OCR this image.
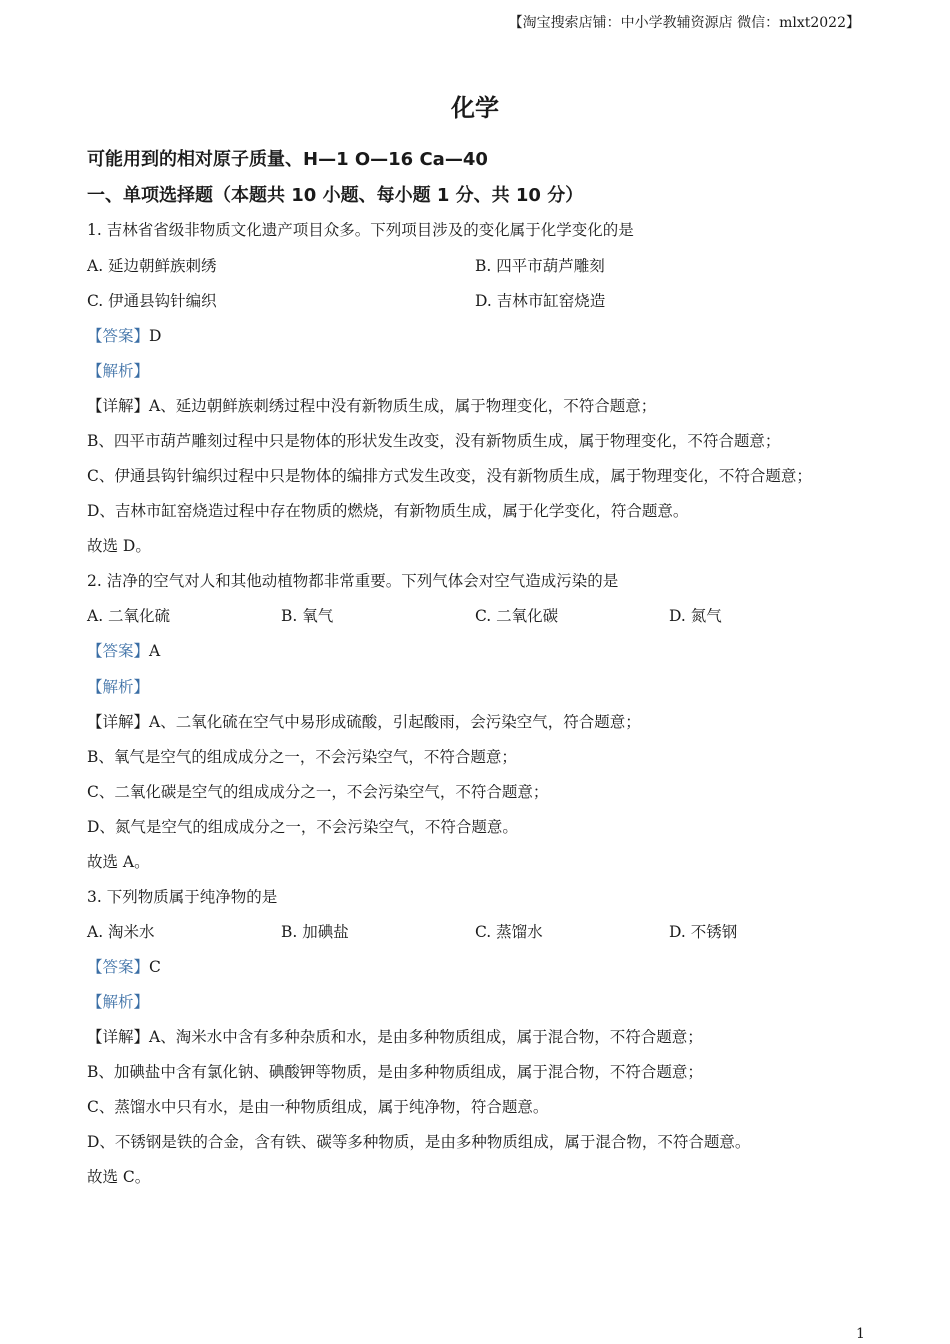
【淘宝搜索店铺：中小学教辅资源店 微信：mlxt2022】
化学
可能用到的相对原子质量、H—1 O—16 Ca—40
一、单项选择题（本题共 10 小题、每小题 1 分、共 10 分）
1. 吉林省省级非物质文化遗产项目众多。下列项目涉及的变化属于化学变化的是
A. 延边朝鲜族刺绣	B. 四平市葫芦雕刻
C. 伊通县钩针编织	D. 吉林市缸窑烧造
【答案】D
【解析】
【详解】A、延边朝鲜族刺绣过程中没有新物质生成，属于物理变化，不符合题意；
B、四平市葫芦雕刻过程中只是物体的形状发生改变，没有新物质生成，属于物理变化，不符合题意；
C、伊通县钩针编织过程中只是物体的编排方式发生改变，没有新物质生成，属于物理变化，不符合题意；
D、吉林市缸窑烧造过程中存在物质的燃烧，有新物质生成，属于化学变化，符合题意。
故选 D。
2. 洁净的空气对人和其他动植物都非常重要。下列气体会对空气造成污染的是
A. 二氧化硫	B. 氧气	C. 二氧化碳	D. 氮气
【答案】A
【解析】
【详解】A、二氧化硫在空气中易形成硫酸，引起酸雨，会污染空气，符合题意；
B、氧气是空气的组成成分之一，不会污染空气，不符合题意；
C、二氧化碳是空气的组成成分之一，不会污染空气，不符合题意；
D、氮气是空气的组成成分之一，不会污染空气，不符合题意。
故选 A。
3. 下列物质属于纯净物的是
A. 淘米水	B. 加碘盐	C. 蒸馏水	D. 不锈钢
【答案】C
【解析】
【详解】A、淘米水中含有多种杂质和水，是由多种物质组成，属于混合物，不符合题意；
B、加碘盐中含有氯化钠、碘酸钾等物质，是由多种物质组成，属于混合物，不符合题意；
C、蒸馏水中只有水，是由一种物质组成，属于纯净物，符合题意。
D、不锈钢是铁的合金，含有铁、碳等多种物质，是由多种物质组成，属于混合物，不符合题意。
故选 C。
1
